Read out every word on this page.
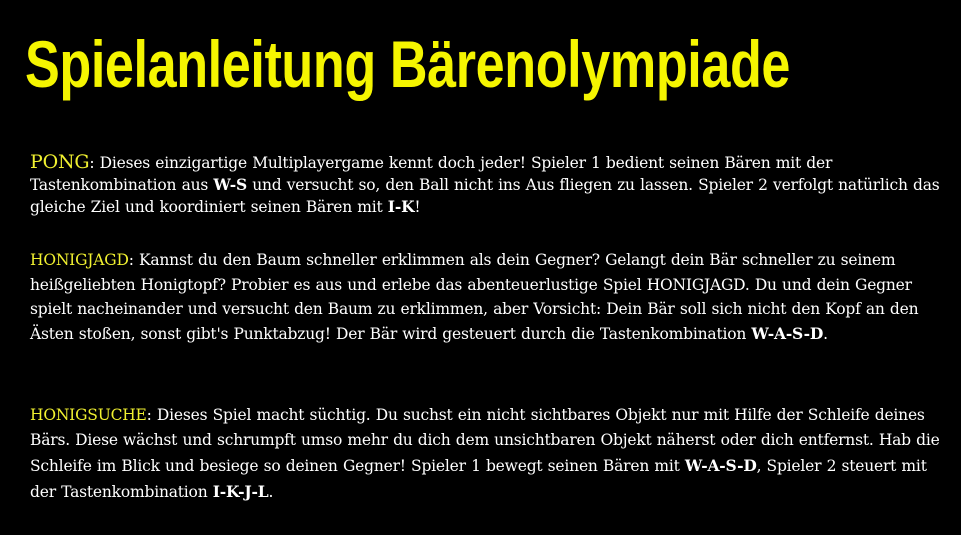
Spielanleitung Bärenolympiade

PONG: Dieses einzigartige Multiplayergame kennt doch jeder! Spieler 1 bedient seinen Bären mit der Tastenkombination aus W-S und versucht so, den Ball nicht ins Aus fliegen zu lassen. Spieler 2 verfolgt natürlich das gleiche Ziel und koordiniert seinen Bären mit I-K!

HONIGJAGD: Kannst du den Baum schneller erklimmen als dein Gegner? Gelangt dein Bär schneller zu seinem heißgeliebten Honigtopf? Probier es aus und erlebe das abenteuerlustige Spiel HONIGJAGD. Du und dein Gegner spielt nacheinander und versucht den Baum zu erklimmen, aber Vorsicht: Dein Bär soll sich nicht den Kopf an den Ästen stoßen, sonst gibt's Punktabzug! Der Bär wird gesteuert durch die Tastenkombination W-A-S-D.

HONIGSUCHE: Dieses Spiel macht süchtig. Du suchst ein nicht sichtbares Objekt nur mit Hilfe der Schleife deines Bärs. Diese wächst und schrumpft umso mehr du dich dem unsichtbaren Objekt näherst oder dich entfernst. Hab die Schleife im Blick und besiege so deinen Gegner! Spieler 1 bewegt seinen Bären mit W-A-S-D, Spieler 2 steuert mit der Tastenkombination I-K-J-L.
